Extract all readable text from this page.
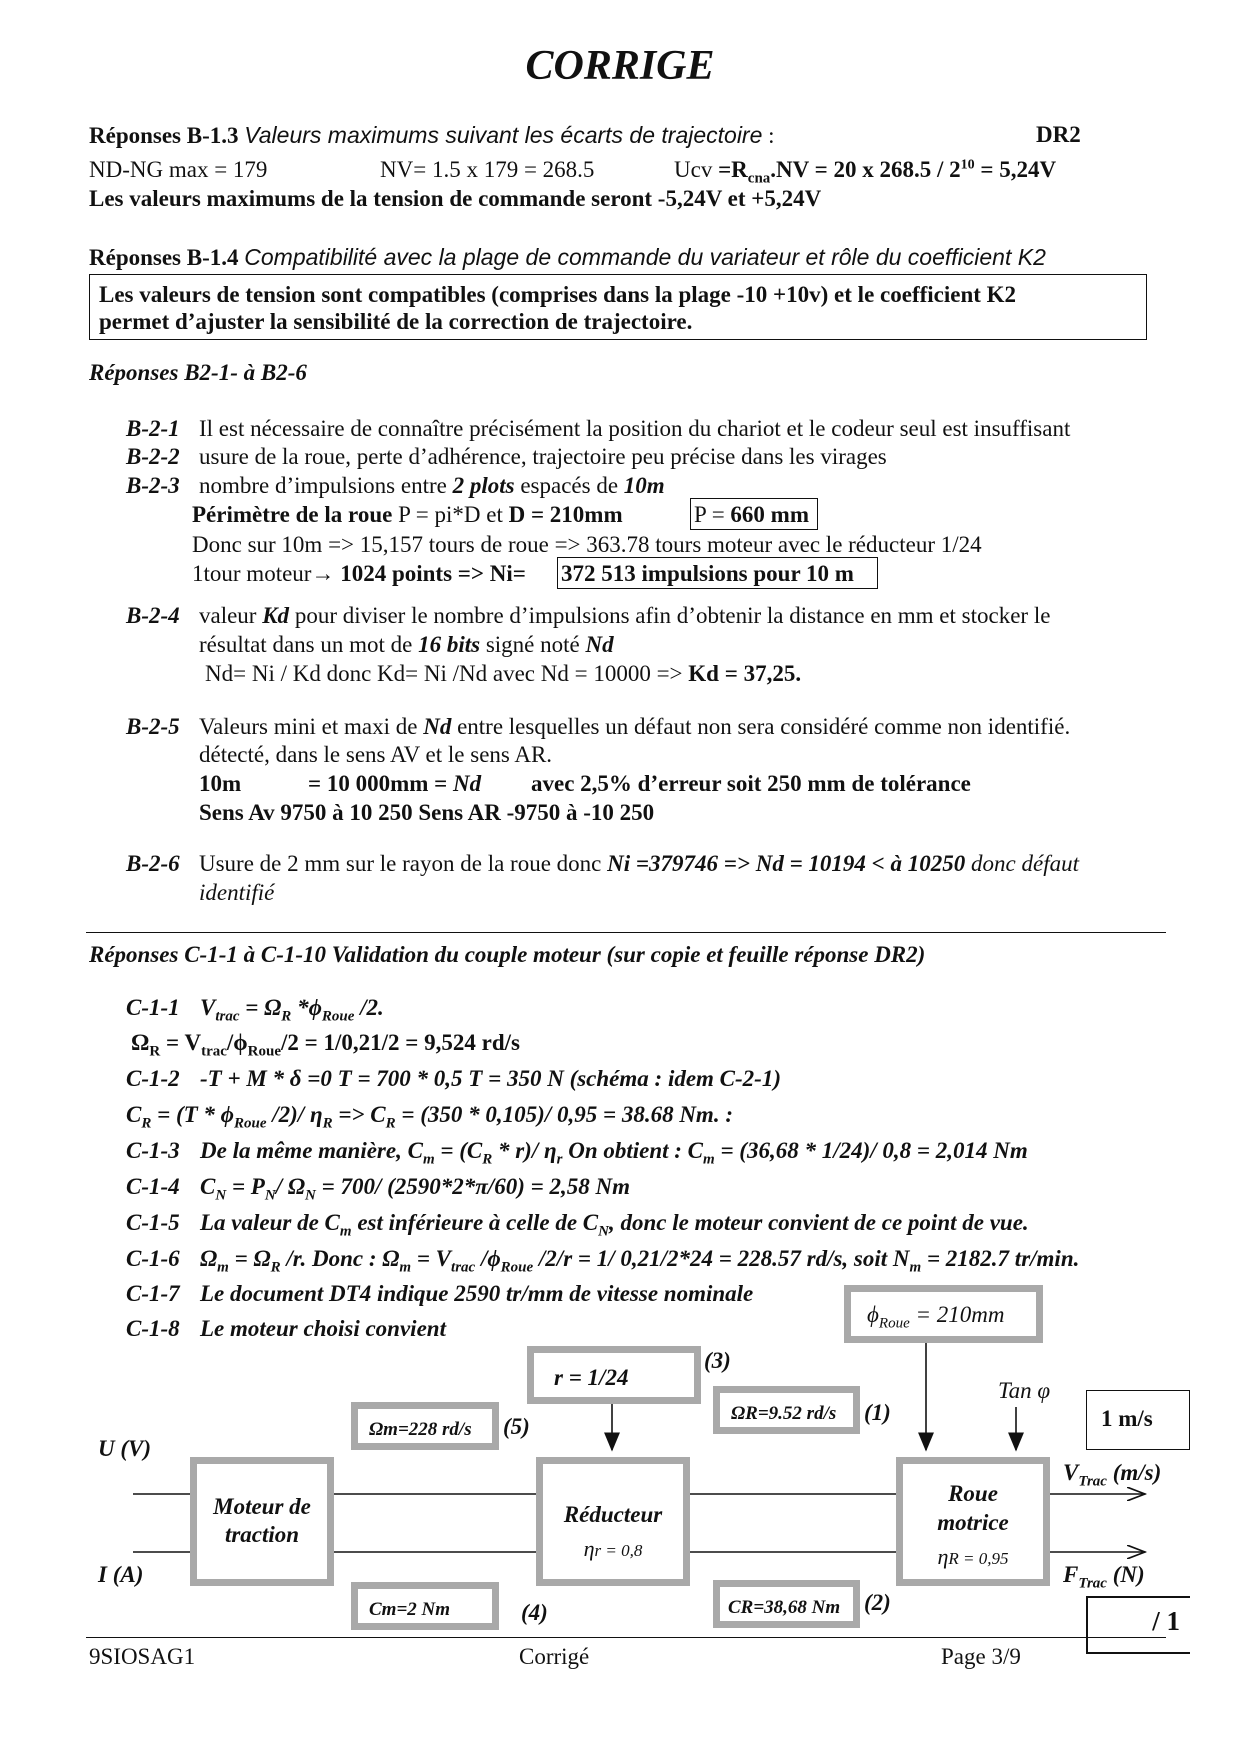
CORRIGE
Réponses B-1.3 Valeurs maximums suivant les écarts de trajectoire :	DR2
ND-NG max = 179	NV= 1.5 x 179 = 268.5	Ucv $=R_{cna}.NV = 20$ x $268.5 / 2^{10} = 5,24V$
Les valeurs maximums de la tension de commande seront -5,24V et +5,24V
Réponses B-1.4 Compatibilité avec la plage de commande du variateur et rôle du coefficient K2
Les valeurs de tension sont compatibles (comprises dans la plage -10 +10v) et le coefficient K2
permet d’ajuster la sensibilité de la correction de trajectoire.
Réponses B2-1- à B2-6
B-2-1 Il est nécessaire de connaître précisément la position du chariot et le codeur seul est insuffisant
B-2-2 usure de la roue, perte d’adhérence, trajectoire peu précise dans les virages
B-2-3 nombre d’impulsions entre 2 plots espacés de 10m
Périmètre de la roue P = pi*D et D = 210mm	P = 660 mm
Donc sur 10m => 15,157 tours de roue => 363.78 tours moteur avec le réducteur 1/24
1tour moteur→ 1024 points => Ni= 372 513 impulsions pour 10 m
B-2-4 valeur Kd pour diviser le nombre d’impulsions afin d’obtenir la distance en mm et stocker le
résultat dans un mot de 16 bits signé noté Nd
Nd= Ni / Kd donc Kd= Ni /Nd avec Nd = 10000 => Kd = 37,25.
B-2-5 Valeurs mini et maxi de Nd entre lesquelles un défaut non sera considéré comme non identifié.
détecté, dans le sens AV et le sens AR.
10m	= 10 000mm = Nd avec 2,5% d’erreur soit 250 mm de tolérance
Sens Av 9750 à 10 250 Sens AR -9750 à -10 250
B-2-6 Usure de 2 mm sur le rayon de la roue donc Ni =379746 => Nd = 10194 < à 10250 donc défaut
identifié
Réponses C-1-1 à C-1-10 Validation du couple moteur (sur copie et feuille réponse DR2)
C-1-1 $V_{trac} = \Omega_R$ $*\phi_{Roue}$ /2.
$\Omega_R = V_{trac}/\phi_{Roue}/2 = 1/0,21/2 = 9,524$ rd/s
C-1-2 -T + M * δ =0 T = 700 * 0,5 T = 350 N (schéma : idem C-2-1)
$C_R = (T * \phi_{Roue}$ /2)/ $\eta_R => C_R = (350 * 0,105)/$ 0,95 = 38.68 Nm. :
C-1-3 De la même manière, $C_m = (C_R * r)/$ $\eta_r$ On obtient : $C_m = (36,68 * 1/24)/$ 0,8 = 2,014 Nm
C-1-4 $C_N = P_N/$ $\Omega_N = 700/$ (2590*2*π/60) = 2,58 Nm
C-1-5 La valeur de $C_m$ est inférieure à celle de $C_N$, donc le moteur convient de ce point de vue.
C-1-6 $\Omega_m = \Omega_R$ /r. Donc : $\Omega_m = V_{trac}$ $/\phi_{Roue}$ /2/r = 1/ 0,21/2*24 = 228.57 rd/s, soit $N_m = 2182.7$ tr/min.
C-1-7 Le document DT4 indique 2590 tr/mm de vitesse nominale
C-1-8 Le moteur choisi convient
$\phi_{Roue} = 210mm$
r = 1/24
(3)
Tan φ
1 m/s
Ωm=228 rd/s (5)
ΩR=9.52 rd/s (1)
U (V)
I (A)
Moteur de
traction
Réducteur
ηr = 0,8
Roue
motrice
ηR = 0,95
$V_{Trac}$ (m/s)
$F_{Trac}$ (N)
Cm=2 Nm	(4)	CR=38,68 Nm (2)
/ 1
9SIOSAG1	Corrigé	Page 3/9
